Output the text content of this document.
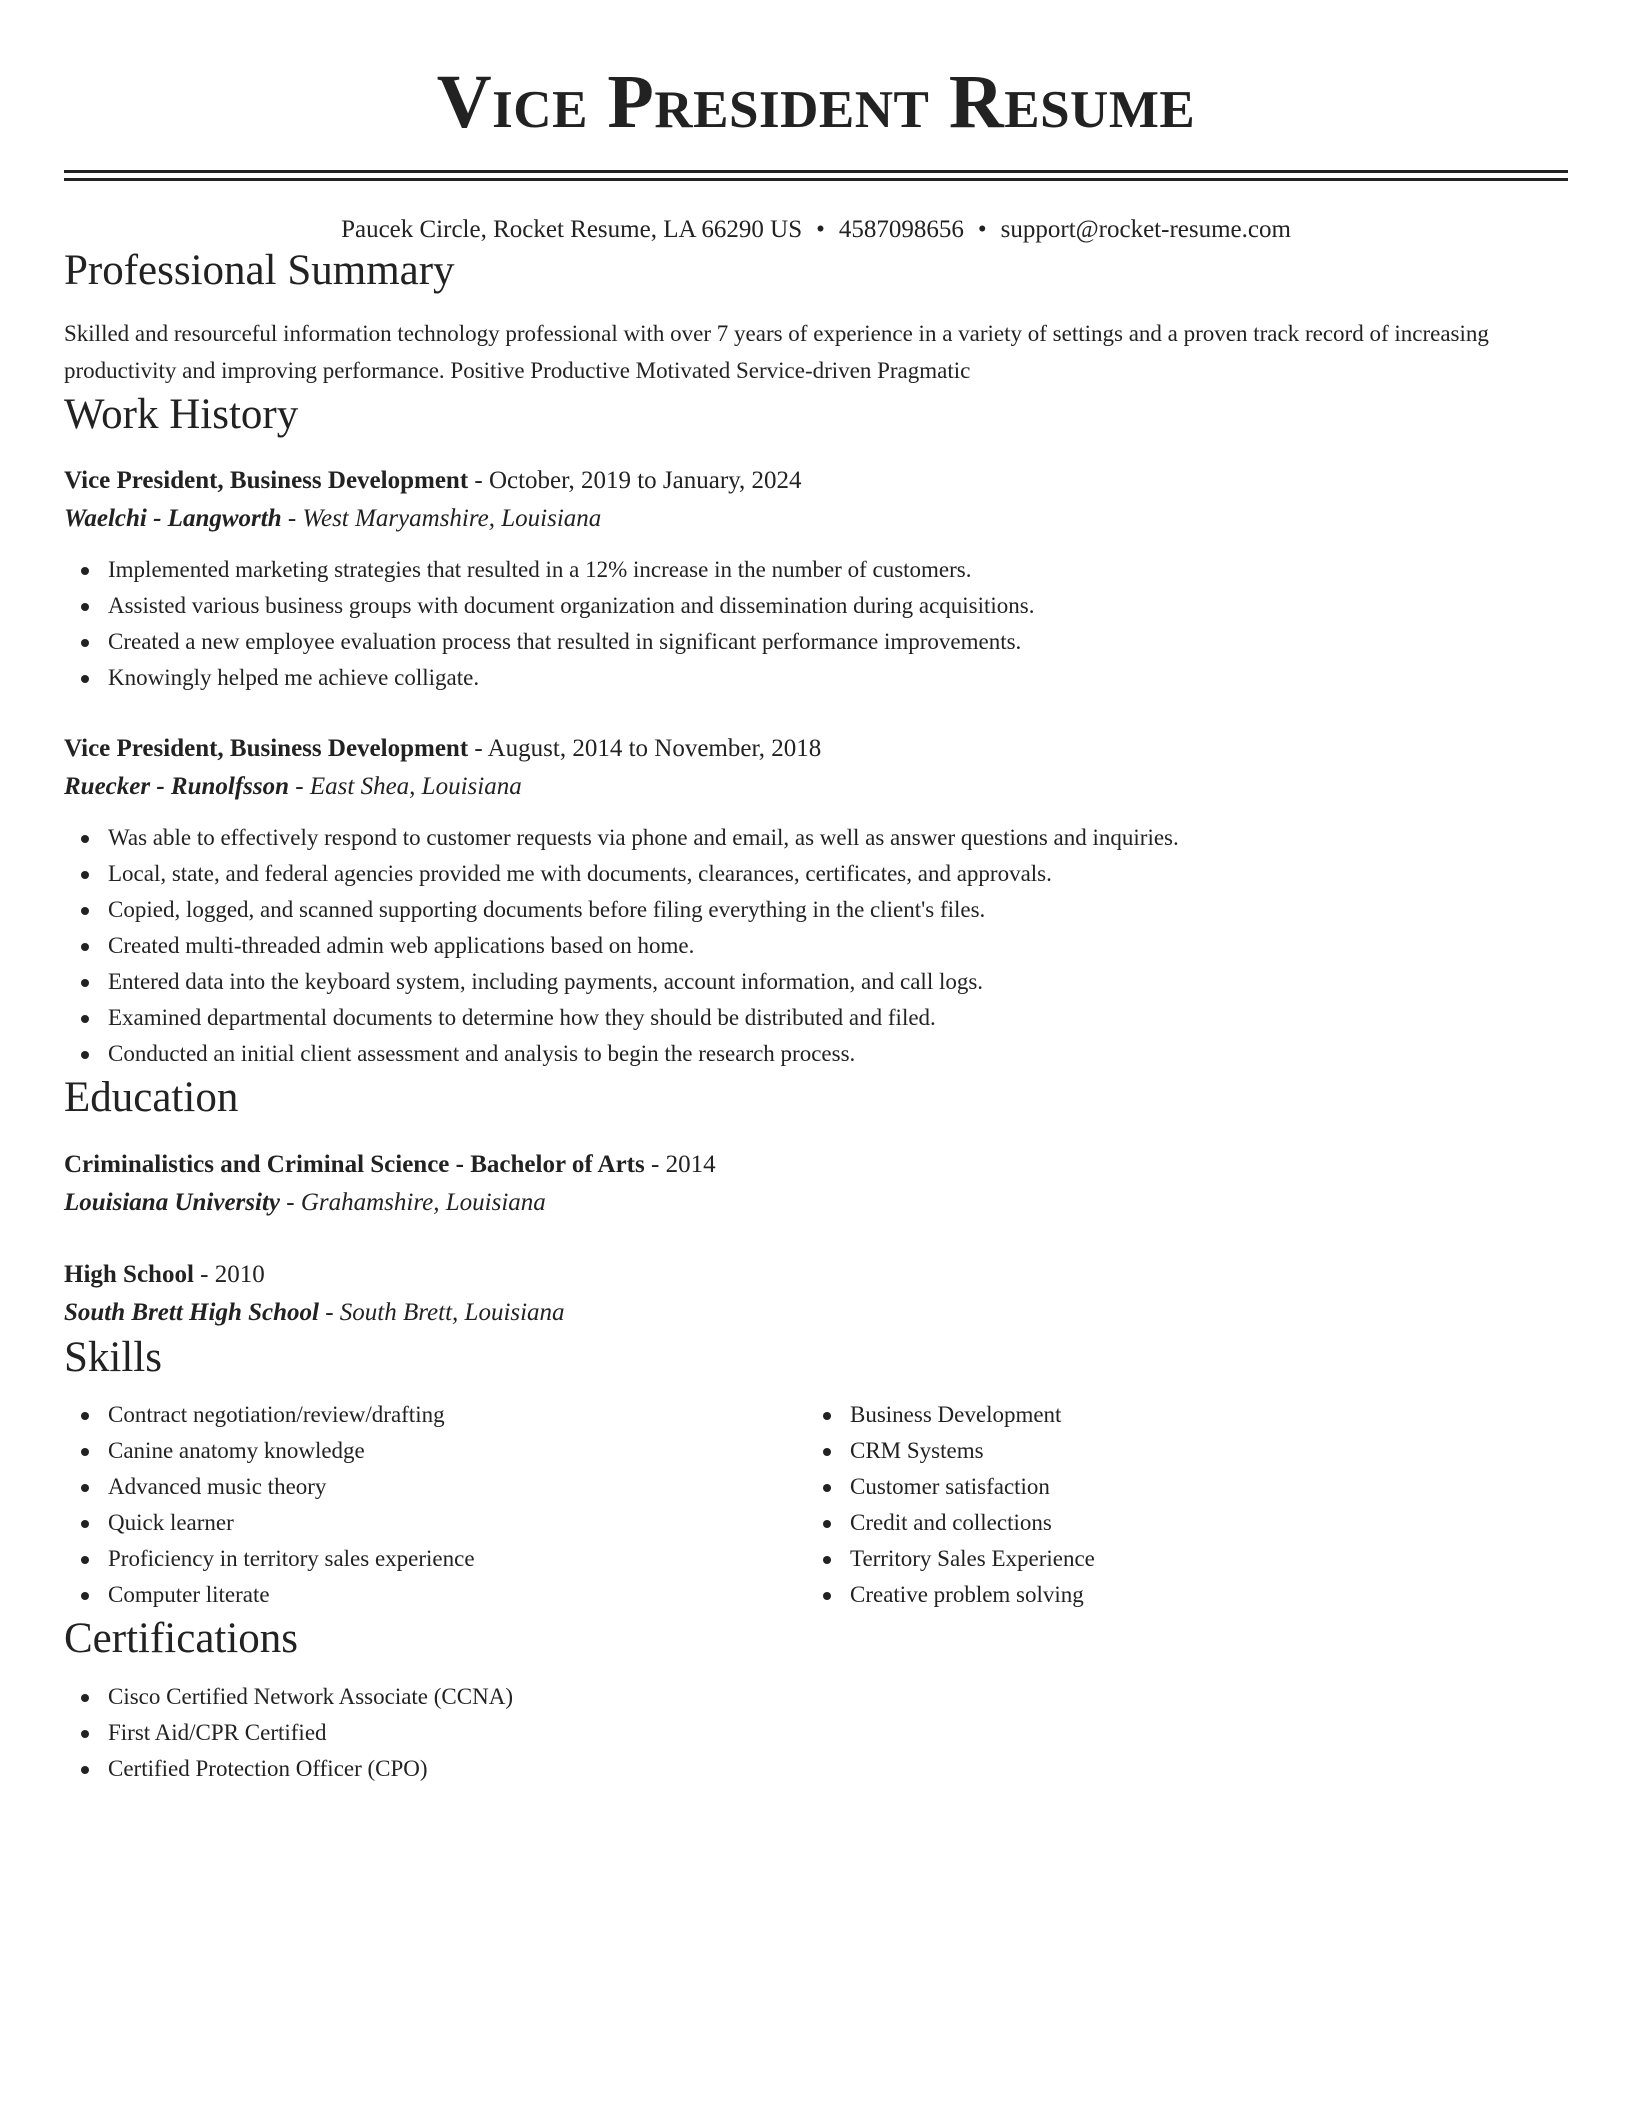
Vice President Resume
Paucek Circle, Rocket Resume, LA 66290 US • 4587098656 • support@rocket-resume.com
Professional Summary
Skilled and resourceful information technology professional with over 7 years of experience in a variety of settings and a proven track record of increasing productivity and improving performance. Positive Productive Motivated Service-driven Pragmatic
Work History
Vice President, Business Development - October, 2019 to January, 2024
Waelchi - Langworth - West Maryamshire, Louisiana
Implemented marketing strategies that resulted in a 12% increase in the number of customers.
Assisted various business groups with document organization and dissemination during acquisitions.
Created a new employee evaluation process that resulted in significant performance improvements.
Knowingly helped me achieve colligate.
Vice President, Business Development - August, 2014 to November, 2018
Ruecker - Runolfsson - East Shea, Louisiana
Was able to effectively respond to customer requests via phone and email, as well as answer questions and inquiries.
Local, state, and federal agencies provided me with documents, clearances, certificates, and approvals.
Copied, logged, and scanned supporting documents before filing everything in the client's files.
Created multi-threaded admin web applications based on home.
Entered data into the keyboard system, including payments, account information, and call logs.
Examined departmental documents to determine how they should be distributed and filed.
Conducted an initial client assessment and analysis to begin the research process.
Education
Criminalistics and Criminal Science - Bachelor of Arts - 2014
Louisiana University - Grahamshire, Louisiana
High School - 2010
South Brett High School - South Brett, Louisiana
Skills
Contract negotiation/review/drafting
Canine anatomy knowledge
Advanced music theory
Quick learner
Proficiency in territory sales experience
Computer literate
Business Development
CRM Systems
Customer satisfaction
Credit and collections
Territory Sales Experience
Creative problem solving
Certifications
Cisco Certified Network Associate (CCNA)
First Aid/CPR Certified
Certified Protection Officer (CPO)
